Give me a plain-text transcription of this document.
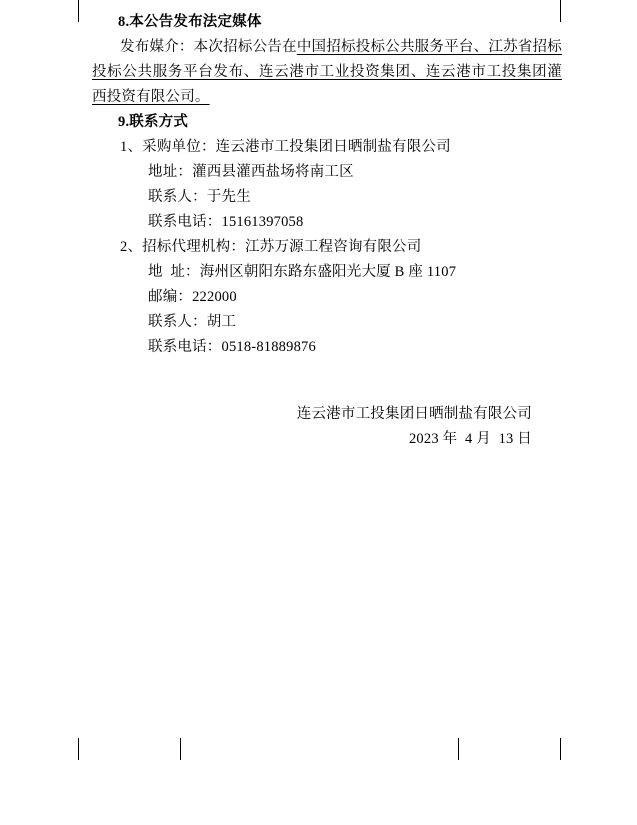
8.本公告发布法定媒体
发布媒介：本次招标公告在中国招标投标公共服务平台、江苏省招标投标公共服务平台发布、连云港市工业投资集团、连云港市工投集团灌西投资有限公司。
9.联系方式
1、采购单位：连云港市工投集团日晒制盐有限公司
地址：灌西县灌西盐场将南工区
联系人：于先生
联系电话：15161397058
2、招标代理机构：江苏万源工程咨询有限公司
地  址：海州区朝阳东路东盛阳光大厦 B 座 1107
邮编：222000
联系人：胡工
联系电话：0518-81889876
连云港市工投集团日晒制盐有限公司
2023 年  4 月  13 日
